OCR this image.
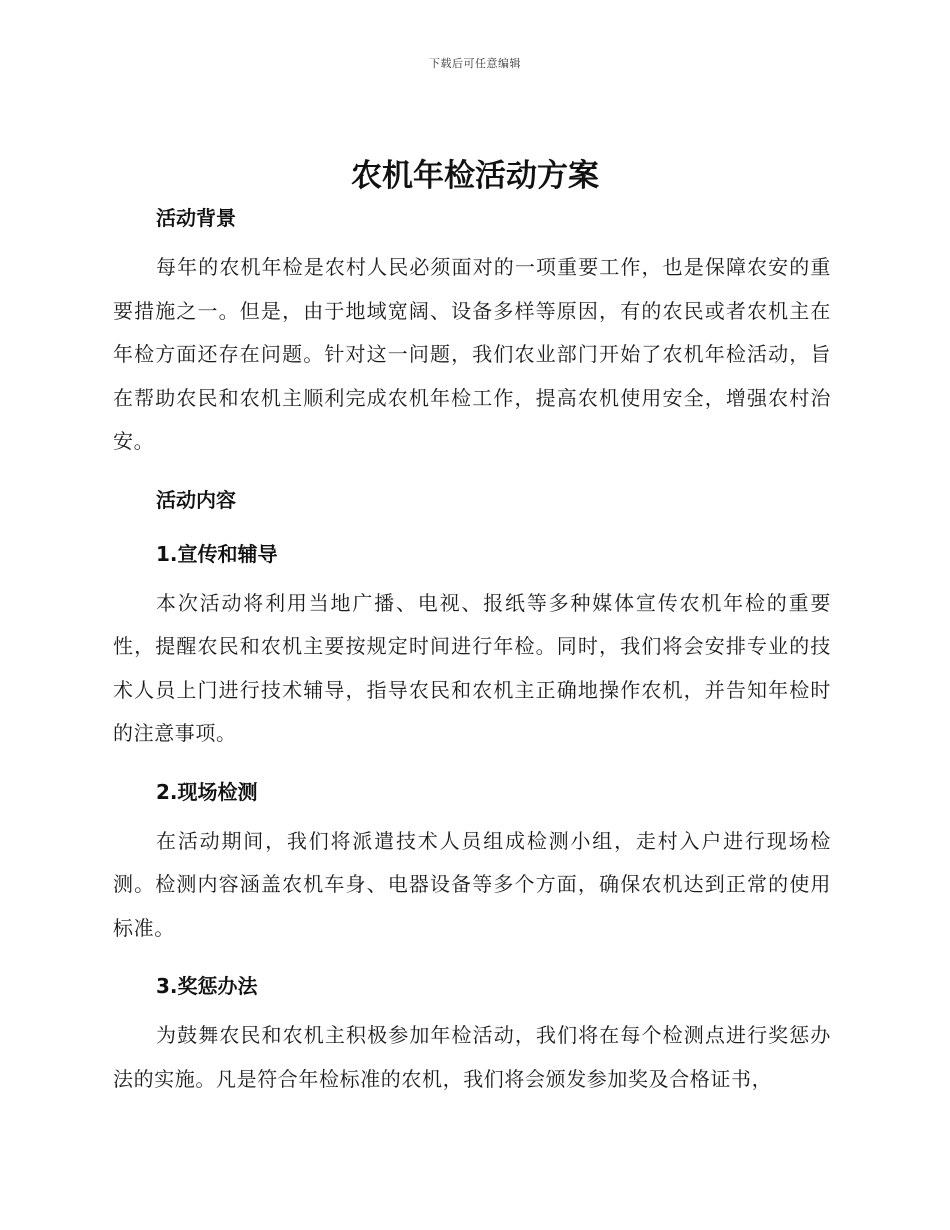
下载后可任意编辑
农机年检活动方案
活动背景

每年的农机年检是农村人民必须面对的一项重要工作，也是保障农安的重要措施之一。但是，由于地域宽阔、设备多样等原因，有的农民或者农机主在年检方面还存在问题。针对这一问题，我们农业部门开始了农机年检活动，旨在帮助农民和农机主顺利完成农机年检工作，提高农机使用安全，增强农村治安。

活动内容
1.宣传和辅导

本次活动将利用当地广播、电视、报纸等多种媒体宣传农机年检的重要性，提醒农民和农机主要按规定时间进行年检。同时，我们将会安排专业的技术人员上门进行技术辅导，指导农民和农机主正确地操作农机，并告知年检时的注意事项。

2.现场检测

在活动期间，我们将派遣技术人员组成检测小组，走村入户进行现场检测。检测内容涵盖农机车身、电器设备等多个方面，确保农机达到正常的使用标准。

3.奖惩办法

为鼓舞农民和农机主积极参加年检活动，我们将在每个检测点进行奖惩办法的实施。凡是符合年检标准的农机，我们将会颁发参加奖及合格证书，
